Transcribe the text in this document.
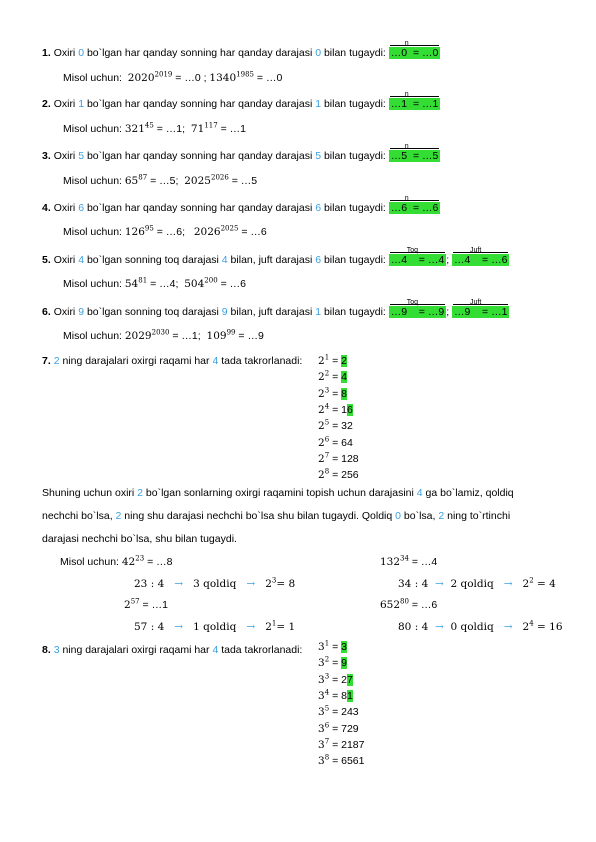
1. Oxiri 0 bo`lgan har qanday sonning har qanday darajasi 0 bilan tugaydi: …0
n
= …0
Misol uchun: $2020^{2019}$ = …0 ; $1340^{1985}$ = …0
2. Oxiri 1 bo`lgan har qanday sonning har qanday darajasi 1 bilan tugaydi: …1
n
= …1
Misol uchun: $321^{45}$ = …1; $71^{117}$ = …1
3. Oxiri 5 bo`lgan har qanday sonning har qanday darajasi 5 bilan tugaydi: …5
n
= …5
Misol uchun: $65^{87}$ = …5; $2025^{2026}$ = …5
4. Oxiri 6 bo`lgan har qanday sonning har qanday darajasi 6 bilan tugaydi: …6
n
= …6
Misol uchun: $126^{95}$ = …6; $2026^{2025}$ = …6
5. Oxiri 4 bo`lgan sonning toq darajasi 4 bilan, juft darajasi 6 bilan tugaydi: …4
Toq
= …4 ; …4
Juft
= …6
Misol uchun: $54^{81}$ = …4; $504^{200}$ = …6
6. Oxiri 9 bo`lgan sonning toq darajasi 9 bilan, juft darajasi 1 bilan tugaydi: …9
Toq
= …9 ; …9
Juft
= …1
Misol uchun: $2029^{2030}$ = …1; $109^{99}$ = …9
7. 2 ning darajalari oxirgi raqami har 4 tada takrorlanadi: $2^1 = 2$
$2^2 = 4$
$2^3 = 8$
$2^4 = 16$
$2^5 = 32$
$2^6 = 64$
$2^7 = 128$
$2^8 = 256$
Shuning uchun oxiri 2 bo`lgan sonlarning oxirgi raqamini topish uchun darajasini 4 ga bo`lamiz, qoldiq
nechchi bo`lsa, 2 ning shu darajasi nechchi bo`lsa shu bilan tugaydi. Qoldiq 0 bo`lsa, 2 ning to`rtinchi
darajasi nechchi bo`lsa, shu bilan tugaydi.
Misol uchun: $42^{23}$ = …8	$132^{34}$ = …4
23 : 4 → 3 qoldiq → $2^3= 8$	34 : 4 → 2 qoldiq → $2^2 = 4$
$2^{57}$ = …1	$652^{80}$ = …6
57 : 4 → 1 qoldiq → $2^1= 1$	80 : 4 → 0 qoldiq → $2^4 = 16$
8. 3 ning darajalari oxirgi raqami har 4 tada takrorlanadi: $3^1 = 3$
$3^2 = 9$
$3^3 = 27$
$3^4 = 81$
$3^5 = 243$
$3^6 = 729$
$3^7 = 2187$
$3^8 = 6561$
